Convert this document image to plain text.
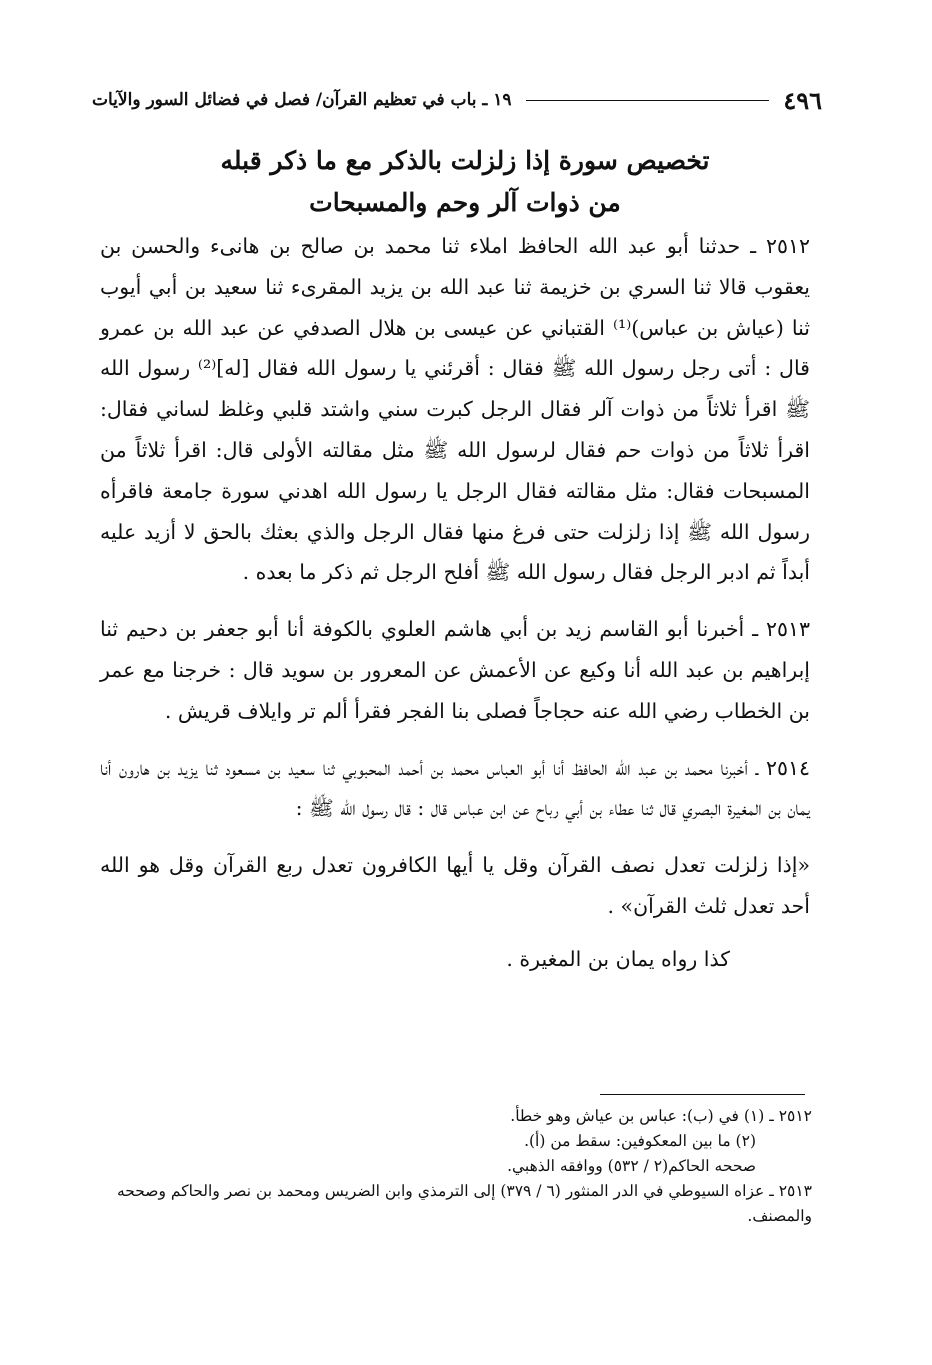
٤٩٦
١٩ ـ باب في تعظيم القرآن/ فصل في فضائل السور والآيات
تخصيص سورة إذا زلزلت بالذكر مع ما ذكر قبله
من ذوات آلر وحم والمسبحات

٢٥١٢ ـ حدثنا أبو عبد الله الحافظ املاء ثنا محمد بن صالح بن هانىء والحسن بن يعقوب قالا ثنا السري بن خزيمة ثنا عبد الله بن يزيد المقرىء ثنا سعيد بن أبي أيوب ثنا (عياش بن عباس)⁽¹⁾ القتباني عن عيسى بن هلال الصدفي عن عبد الله بن عمرو قال : أتى رجل رسول الله ﷺ فقال : أقرئني يا رسول الله فقال [له]⁽²⁾ رسول الله ﷺ اقرأ ثلاثاً من ذوات آلر فقال الرجل كبرت سني واشتد قلبي وغلظ لساني فقال: اقرأ ثلاثاً من ذوات حم فقال لرسول الله ﷺ مثل مقالته الأولى قال: اقرأ ثلاثاً من المسبحات فقال: مثل مقالته فقال الرجل يا رسول الله اهدني سورة جامعة فاقرأه رسول الله ﷺ إذا زلزلت حتى فرغ منها فقال الرجل والذي بعثك بالحق لا أزيد عليه أبداً ثم ادبر الرجل فقال رسول الله ﷺ أفلح الرجل ثم ذكر ما بعده .

٢٥١٣ ـ أخبرنا أبو القاسم زيد بن أبي هاشم العلوي بالكوفة أنا أبو جعفر بن دحيم ثنا إبراهيم بن عبد الله أنا وكيع عن الأعمش عن المعرور بن سويد قال : خرجنا مع عمر بن الخطاب رضي الله عنه حجاجاً فصلى بنا الفجر فقرأ ألم تر وايلاف قريش .

٢٥١٤ ـ أخبرنا محمد بن عبد الله الحافظ أنا أبو العباس محمد بن أحمد المحبوبي ثنا سعيد بن مسعود ثنا يزيد بن هارون أنا يمان بن المغيرة البصري قال ثنا عطاء بن أبي رباح عن ابن عباس قال : قال رسول الله ﷺ :

«إذا زلزلت تعدل نصف القرآن وقل يا أيها الكافرون تعدل ربع القرآن وقل هو الله أحد تعدل ثلث القرآن» .

كذا رواه يمان بن المغيرة .

٢٥١٢ ـ (١) في (ب): عباس بن عياش وهو خطأ.

(٢) ما بين المعكوفين: سقط من (أ).

صححه الحاكم(٢ / ٥٣٢) ووافقه الذهبي.

٢٥١٣ ـ عزاه السيوطي في الدر المنثور (٦ / ٣٧٩) إلى الترمذي وابن الضريس ومحمد بن نصر والحاكم وصححه والمصنف.
